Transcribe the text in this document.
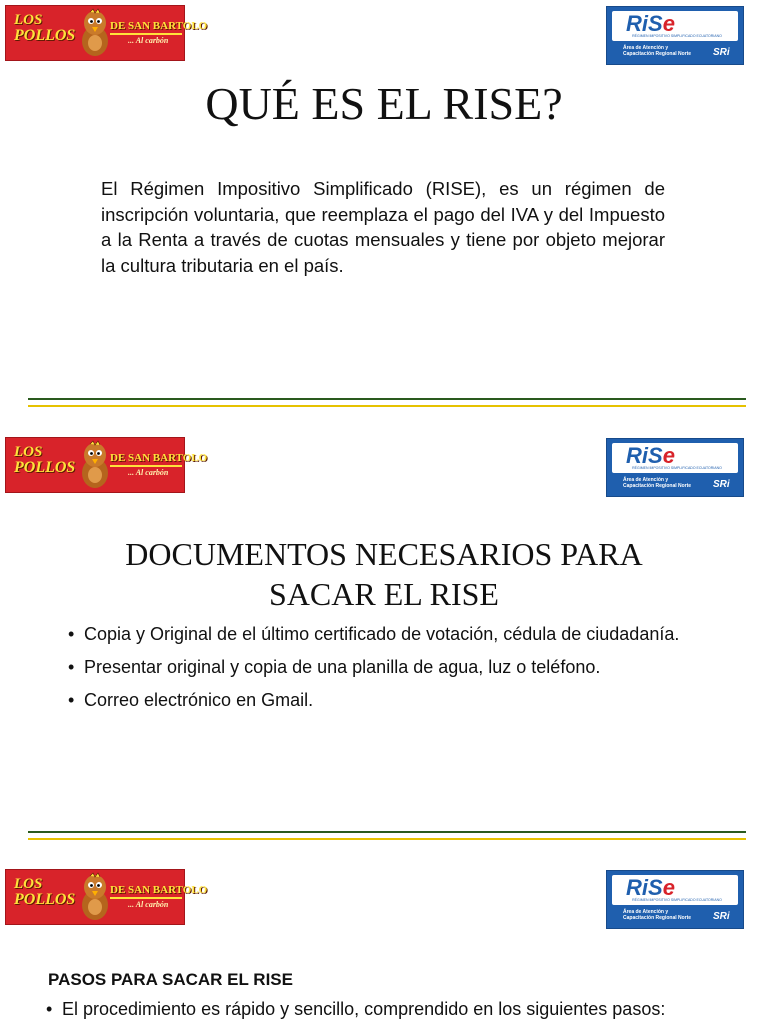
LOS
POLLOS
DE SAN BARTOLO
... Al carbón
RiSe
RÉGIMEN IMPOSITIVO SIMPLIFICADO ECUATORIANO
Área de Atención y
Capacitación Regional Norte	SRi
QUÉ ES EL RISE?

El Régimen Impositivo Simplificado (RISE), es un régimen de inscripción voluntaria, que reemplaza el pago del IVA y del Impuesto a la Renta a través de cuotas mensuales y tiene por objeto mejorar la cultura tributaria en el país.

LOS
POLLOS
DE SAN BARTOLO
... Al carbón
RiSe
RÉGIMEN IMPOSITIVO SIMPLIFICADO ECUATORIANO
Área de Atención y
Capacitación Regional Norte	SRi
DOCUMENTOS NECESARIOS PARA
SACAR EL RISE
• Copia y Original de el último certificado de votación, cédula de ciudadanía.
• Presentar original y copia de una planilla de agua, luz o teléfono.
• Correo electrónico en Gmail.
LOS
POLLOS
DE SAN BARTOLO
... Al carbón
RiSe
RÉGIMEN IMPOSITIVO SIMPLIFICADO ECUATORIANO
Área de Atención y
Capacitación Regional Norte	SRi
PASOS PARA SACAR EL RISE
• El procedimiento es rápido y sencillo, comprendido en los siguientes pasos:
